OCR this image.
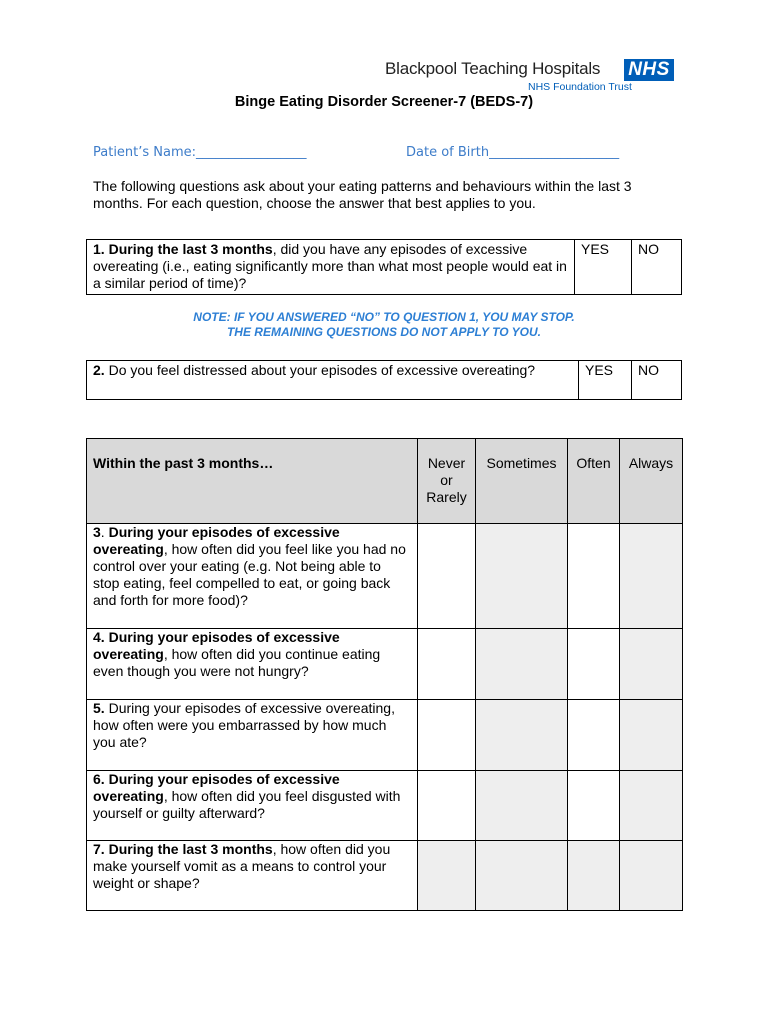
Blackpool Teaching Hospitals NHS
NHS Foundation Trust
Binge Eating Disorder Screener-7 (BEDS-7)
Patient’s Name:_________________	Date of Birth____________________
The following questions ask about your eating patterns and behaviours within the last 3 months. For each question, choose the answer that best applies to you.
1. During the last 3 months, did you have any episodes of excessive overeating (i.e., eating significantly more than what most people would eat in a similar period of time)?	YES	NO
NOTE: IF YOU ANSWERED “NO” TO QUESTION 1, YOU MAY STOP.
THE REMAINING QUESTIONS DO NOT APPLY TO YOU.
2. Do you feel distressed about your episodes of excessive overeating?	YES	NO
Within the past 3 months…	Never or Rarely	Sometimes	Often	Always
3. During your episodes of excessive overeating, how often did you feel like you had no control over your eating (e.g. Not being able to stop eating, feel compelled to eat, or going back and forth for more food)?				
4. During your episodes of excessive overeating, how often did you continue eating even though you were not hungry?				
5. During your episodes of excessive overeating, how often were you embarrassed by how much you ate?				
6. During your episodes of excessive overeating, how often did you feel disgusted with yourself or guilty afterward?				
7. During the last 3 months, how often did you make yourself vomit as a means to control your weight or shape?				
